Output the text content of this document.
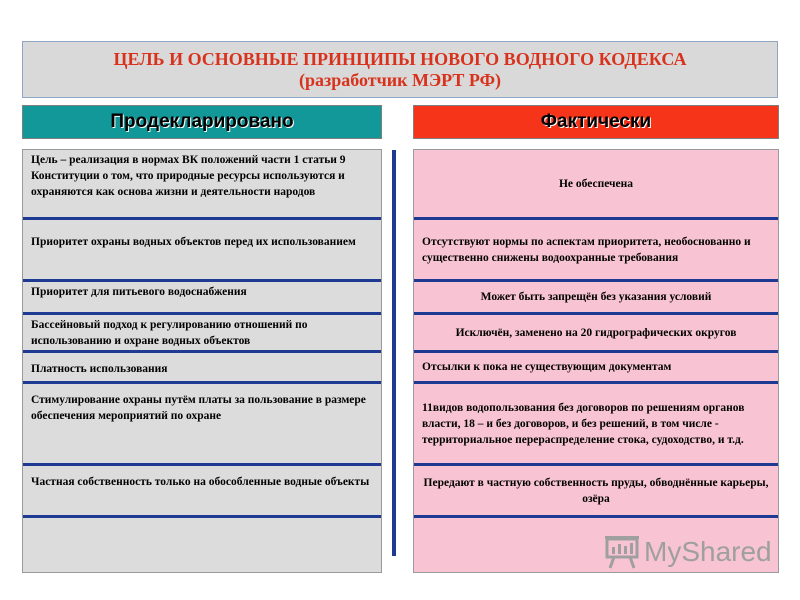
ЦЕЛЬ И ОСНОВНЫЕ ПРИНЦИПЫ НОВОГО ВОДНОГО КОДЕКСА
(разработчик МЭРТ РФ)
Продекларировано	Фактически
Цель – реализация в нормах ВК положений части 1 статьи 9 Конституции о том, что природные ресурсы используются и охраняются как основа жизни и деятельности народов
Приоритет охраны водных объектов перед их использованием
Приоритет для питьевого водоснабжения
Бассейновый подход к регулированию отношений по использованию и охране водных объектов
Платность использования
Стимулирование охраны путём платы за пользование в размере обеспечения мероприятий по охране
Частная собственность только на обособленные водные объекты
Не обеспечена
Отсутствуют нормы по аспектам приоритета, необоснованно и существенно снижены водоохранные требования
Может быть запрещён без указания условий
Исключён, заменено на 20 гидрографических округов
Отсылки к пока не существующим документам
11видов водопользования без договоров по решениям органов власти, 18 – и без договоров, и без решений, в том числе - территориальное перераспределение стока, судоходство, и т.д.
Передают в частную собственность пруды, обводнённые карьеры, озёра
MyShared
